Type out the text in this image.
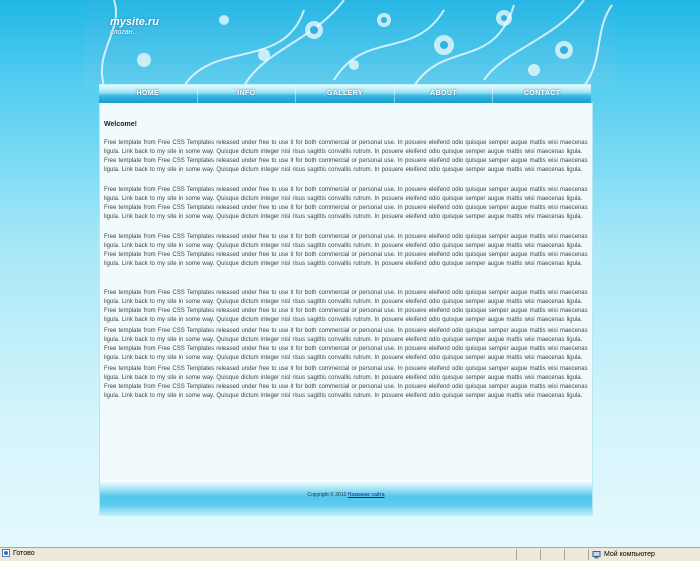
mysite.ru
слоган...
HOME	INFO	GALLERY	ABOUT	CONTACT

Welcome!

Free template from Free CSS Templates released under free to use it for both commercial or personal use. In posuere eleifend odio quisque semper augue mattis wisi maecenas ligula. Link back to my site in some way. Quisque dictum integer nisl risus sagittis convallis rutrum. In posuere eleifend odio quisque semper augue mattis wisi maecenas ligula. Free template from Free CSS Templates released under free to use it for both commercial or personal use. In posuere eleifend odio quisque semper augue mattis wisi maecenas ligula. Link back to my site in some way. Quisque dictum integer nisl risus sagittis convallis rutrum. In posuere eleifend odio quisque semper augue mattis wisi maecenas ligula.

Free template from Free CSS Templates released under free to use it for both commercial or personal use. In posuere eleifend odio quisque semper augue mattis wisi maecenas ligula. Link back to my site in some way. Quisque dictum integer nisl risus sagittis convallis rutrum. In posuere eleifend odio quisque semper augue mattis wisi maecenas ligula. Free template from Free CSS Templates released under free to use it for both commercial or personal use. In posuere eleifend odio quisque semper augue mattis wisi maecenas ligula. Link back to my site in some way. Quisque dictum integer nisl risus sagittis convallis rutrum. In posuere eleifend odio quisque semper augue mattis wisi maecenas ligula.

Free template from Free CSS Templates released under free to use it for both commercial or personal use. In posuere eleifend odio quisque semper augue mattis wisi maecenas ligula. Link back to my site in some way. Quisque dictum integer nisl risus sagittis convallis rutrum. In posuere eleifend odio quisque semper augue mattis wisi maecenas ligula. Free template from Free CSS Templates released under free to use it for both commercial or personal use. In posuere eleifend odio quisque semper augue mattis wisi maecenas ligula. Link back to my site in some way. Quisque dictum integer nisl risus sagittis convallis rutrum. In posuere eleifend odio quisque semper augue mattis wisi maecenas ligula.

Free template from Free CSS Templates released under free to use it for both commercial or personal use. In posuere eleifend odio quisque semper augue mattis wisi maecenas ligula. Link back to my site in some way. Quisque dictum integer nisl risus sagittis convallis rutrum. In posuere eleifend odio quisque semper augue mattis wisi maecenas ligula. Free template from Free CSS Templates released under free to use it for both commercial or personal use. In posuere eleifend odio quisque semper augue mattis wisi maecenas ligula. Link back to my site in some way. Quisque dictum integer nisl risus sagittis convallis rutrum. In posuere eleifend odio quisque semper augue mattis wisi maecenas ligula.

Free template from Free CSS Templates released under free to use it for both commercial or personal use. In posuere eleifend odio quisque semper augue mattis wisi maecenas ligula. Link back to my site in some way. Quisque dictum integer nisl risus sagittis convallis rutrum. In posuere eleifend odio quisque semper augue mattis wisi maecenas ligula. Free template from Free CSS Templates released under free to use it for both commercial or personal use. In posuere eleifend odio quisque semper augue mattis wisi maecenas ligula. Link back to my site in some way. Quisque dictum integer nisl risus sagittis convallis rutrum. In posuere eleifend odio quisque semper augue mattis wisi maecenas ligula.

Free template from Free CSS Templates released under free to use it for both commercial or personal use. In posuere eleifend odio quisque semper augue mattis wisi maecenas ligula. Link back to my site in some way. Quisque dictum integer nisl risus sagittis convallis rutrum. In posuere eleifend odio quisque semper augue mattis wisi maecenas ligula. Free template from Free CSS Templates released under free to use it for both commercial or personal use. In posuere eleifend odio quisque semper augue mattis wisi maecenas ligula. Link back to my site in some way. Quisque dictum integer nisl risus sagittis convallis rutrum. In posuere eleifend odio quisque semper augue mattis wisi maecenas ligula.

Copyright © 2010 Название сайта
Готово	Мой компьютер
